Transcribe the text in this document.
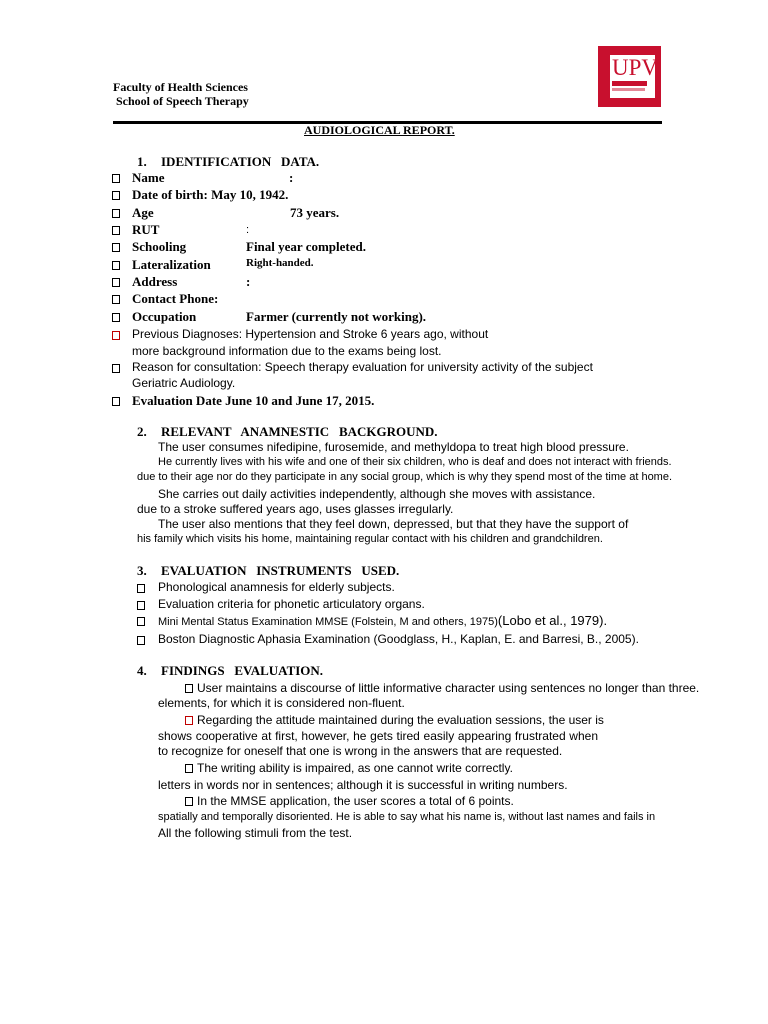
Faculty of Health Sciences
School of Speech Therapy
UPV
AUDIOLOGICAL REPORT.
1. IDENTIFICATION   DATA.
Name	:
Date of birth: May 10, 1942.
Age	73 years.
RUT	:
Schooling	Final year completed.
Lateralization	Right-handed.
Address	:
Contact Phone:
Occupation	Farmer (currently not working).
Previous Diagnoses: Hypertension and Stroke 6 years ago, without
more background information due to the exams being lost.
Reason for consultation: Speech therapy evaluation for university activity of the subject
Geriatric Audiology.
Evaluation Date June 10 and June 17, 2015.
2. RELEVANT   ANAMNESTIC   BACKGROUND.
The user consumes nifedipine, furosemide, and methyldopa to treat high blood pressure.
He currently lives with his wife and one of their six children, who is deaf and does not interact with friends.
due to their age nor do they participate in any social group, which is why they spend most of the time at home.
She carries out daily activities independently, although she moves with assistance.
due to a stroke suffered years ago, uses glasses irregularly.
The user also mentions that they feel down, depressed, but that they have the support of
his family which visits his home, maintaining regular contact with his children and grandchildren.
3. EVALUATION   INSTRUMENTS   USED.
Phonological anamnesis for elderly subjects.
Evaluation criteria for phonetic articulatory organs.
Mini Mental Status Examination MMSE (Folstein, M and others, 1975)(Lobo et al., 1979).
Boston Diagnostic Aphasia Examination (Goodglass, H., Kaplan, E. and Barresi, B., 2005).
4. FINDINGS   EVALUATION.
User maintains a discourse of little informative character using sentences no longer than three.
elements, for which it is considered non-fluent.
Regarding the attitude maintained during the evaluation sessions, the user is
shows cooperative at first, however, he gets tired easily appearing frustrated when
to recognize for oneself that one is wrong in the answers that are requested.
The writing ability is impaired, as one cannot write correctly.
letters in words nor in sentences; although it is successful in writing numbers.
In the MMSE application, the user scores a total of 6 points.
spatially and temporally disoriented. He is able to say what his name is, without last names and fails in
All the following stimuli from the test.
